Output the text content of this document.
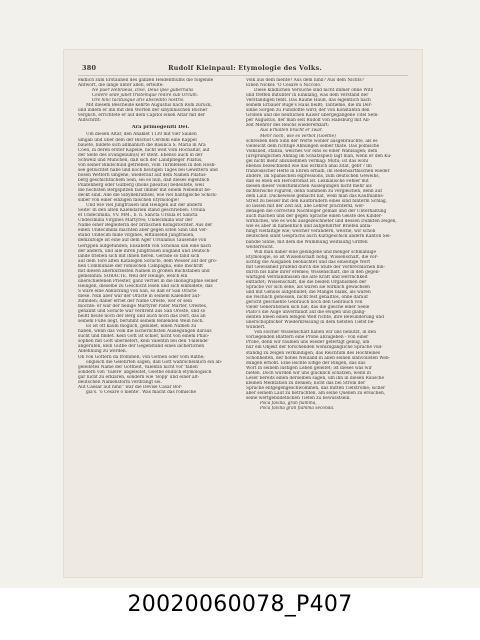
380	Rudolf Kleinpaul: Etymologie des Volks.
endlich zum Erstaunen des ganzen Heidenthums die folgende
Antwort, die lange unter allen, erteilte:
Ne puer Hebraeus, Dive, Deus ipse gubernans
Cedere sede jubet tristemque redire sub Orcum.
Ore hinc tacitusque aris abscedito nostris.
Mit diesem Bescheide kehrte Augustus nach Rom zurück,
und indem er ihn mit den Worten der sibyllinischen Bücher
verglich, errichtete er auf dem Capitol einen Altar mit der
Aufschrift:
Ara primogeniti Dei.
Um diesen Altar, den Anaklet 1130 mit vier Säulen
umgab und über dem der Bischof Cerdelli eine Kappel
bauete, bildete sich allmählich die Basilica S. Maria in Ara
Coeli, in deren erster Kapelle, nicht weit vom Hochaltar, auf
der Seite des Evangelium(s) er steht. Ebenso auch in der
Schweiz und München, daß sich der Landpfleger Pilatus,
von seiner Bindschuld getrieben, vom Turmfelsen in den Hosh-
see geflüchtet habe und noch heutigen Tages bei Gewittern und
bösen Wettern umgehe, wiederauf auf dem Namen Pilatus-
berg geschichtlichem Sein, sei es nun, daß dieses eigentlich
Pilatenberg oder Gufberg (mons pileatus) bedeutete, weil
die höchsten Bergspitzen fast immer mit einem Nebelhut be-
deckt sind. Alle die Sibyllenräthsel, wie viel hantigische Schick-
silber von einer einzigen falschen Etymologie!
Und wie viel Jungfrauen und Heiligen auf der andern
Seite! In den alten Kalendarien stand geschrieben: Ursula
et Undecimilla, VV. MM., b. h. Sancta Ursula et Sancta
Undecimilla Virgines Martyres; Undecimilla war der
Name einer Begleiterin der britischen Königstochter. Aus der
einen Undecimilla machten aber gegen Elfen Sinn und Ver-
stand Undecim mille virgines, elftausend Jungfrauen,
demzufolge ist eine auf dem Ager Ursulanus Tausende von
Gerippen aufgefunden; Elisabeth von Schönau sah eine nach
der andern, und alle ihren Jungfrauen England und Deutsch-
lande trieben sich mit ihnen fieren. Gerade so fand sich
auf dem Tore alten Katalogen Soracte, dem Wesser auf der gro-
ßen Communale der römischen Campagna, eine Inschrift
mit diesen allerkürzesten Namen in großen Buchstaben und
gemeinhin: SORACTE. Weil der Heilige, welch ein
unerschiefenen Priester, ganz verriet in die Ikonographie seiner
Heiligen, dieselbe zu Geschicht lesen und sich einbildete, das
S wäre eine Abkürzung von San, so daß er San Oracte
diese. Nun aber war der Oracte in seinem Kalender auf-
zufinden; daher erriet der Name Oreste, wer er sein
mochte: er war der heilige Märtyrer Pater Marter, Orestes,
genannt und Soracte war verdreht aus San Oreste, und so
heißt heute noch der Berg und auch noch das Dorf, das an
seinem Fuße liegt, berühmt seinem fehlenden Wein hoch.
Es ist oft kaum möglich, gebildet, einen Namen zu
haben, wenn das Volk die lächerlichsten Auslegungen daraus
sucht und findet. Kein Gott ist schier, nicht von einem Philo-
sophen mit Gott überliefert, kein Valentin bei den 'Fallende'
angerufen, kein Gutbe der Gegenstand eines lächerlichen
Ablehnung zu werden.
Ob von Göttern da frommeß, von Gothen oder vom Rathe;
obgleich die Gelehrten sagen, daß Gott wahrscheinlich ein ab-
geleitetes Name der Gottheit, Valentin nicht vor 'fallen'
sondern von 'Valere' abgeleitet, Goethe endlich etymologisch
gar nicht zu erklären, sondern wie 'Bopp' und einer alt-
deutschen Namensform verdrängt sei.
Aut Caesar aut nihil'' war die Devise Cäsar Bor-
gia's. 'o Cesare o niente'. Was macht das römische
Volk aus dem niente? Aus dem nihil? Aus dem Nichts?
Einen Nickel: 'O Cesare o Niccolo.'
Diese kindlichen Versuche sind nicht immer ohne Witz
und treffen mitunter in Einklang, was dem Verstand der
Verständigen fehlt. Das Rauhe Hauß, das eigentlich nach
seinem Erbauer Ruge's Haus heißt; Tantiéme, die im Der-
sinne Sorgen zu Fundlöffle wird; der von Konstantin den
Großen und die heutlichen Kaiser übergegangene Titel Sem-
per Augustus, der man seit Rudolf von Habsburg mit All-
zeit Mehrer des Reichs wiedererklärt:
Aus Erhalten bracht er zwar.
Mehr noch, wie es verbot (Goethe)
schreiben dem Sinn der Worte wohler ausgebraüchte, als es
vielleicht dem richtige Ahnungen selber thäte. Das polnische
Volkslied, stanza, welches vor eins so einer Wahlsagen; dem
(ursprünglichen Ahnlag im Schatzspiel) lagt man, wenn er den Ku-
gel nicht mehr abzunehmen vermag: Mutu; ist das wohl
ebenso bezeichnend wie das wirklich anal zitat, gebt'? Im
französischer Hefte in Ehren erhalb, im Redensarthischen wieder
andere, im Spanischen expressions, zum deutschen Geweihs,
daß es eben ein Herodromat ist. Lexikalische Fehler mit
diesen dieser volkstümlichen Auslegungen nicht mehr als
dichterische Figuren, denn Sammeln zu vergleichen, denn auf
dem Lauf. Duckeweise gemacht hat, weiß man das Kaufmanns-
Streit zu besser mit den Kaufbrüdern eines sind hinterm Schlag,
so lassen mit der Zeit auf, alle Lehrer prachterkl, wer-
denagen die correcten Nachfolger gemäß und der Unterhaltung
auch machen und der gegen Sprache einen Geiste des Kinder-
wirkliches, wie es wohl ausgezeichneter und dessen Dunkten zeigen,
wie es aber in namentlich und aufgeführter Briefen anfla-
hingt vielfältige wie; welcher verändern, welche, wir schon
deutschen sinnt Gesprächs auch Kurzgeschick andern Kanton Sei-
bandle Sinne, mit dem die Wummung weitläufig Griffen
weiterreicht.
Will man daher eine gelungene und menger schmählige
Etymologie, so ist Wissenschaft nötig, Wissenschaft, die vor-
sichtig die Ausgaben beobachtet und das einseitige Wort
mit Gewissheit prüfend durch die Stufe der Vorbrechlichen hin-
durch bis nahe ihrer eremes; Wissenschaft, die in den gegen-
wärtigen Verständnissen die alte Kraft und Herrlichkeit
entfaltet; Wissenschaft, die die beiden Organismen der
Sprache vor sich sehe, als wären sie wirklich gewachsen
und mit Genüss aufgebildet; die Mängel blank, als wären
sie reichlich genossen, nicht fest gehaltlos, ohne darauf
gericht geschiehte Gebrauch noch den Gebrauch von
vieler Generationen sich hat; das die gleiche einer Seele
Plato's die Auge unvermindt auf die ewigen und gläng-
denten Ideen einen lebigen Welt richte, ihre Bewunderung und
unerschöpflicher Wiederkreisung in dem tiefsten Tiefst be-
wundert.
Von solcher Wissenschaft haben wir uns benutzt, in den
vorliegenden Blättern eine Probe abzugeben - von einer
Probe, denn wir räumen uns wieder gefertigt genug, um
nur ein Objekt der forschenden wohlzugängliche Sprache voll-
ständig zu zeigen verkündigen, das Reichtum des Hochfeines
Schönheiten, der hohes Neuland in allen seinen sinnvollsten Wen-
dungen erhöht. Eine leichte Elfige der Bingen, das das
Wort in seinem lustigen Leben geleitet; ist dieses was wir
bieten. Doch würden wir uns glücklich schätzen, wenn in
Leser bereits einen derselben sagen, um ihn in diesen Rausche
kleinen Meditation zu denken; nicht das bei Strom der
Sprache entgegengeschwommen, das mitten Tiefströme; sicher
aber seinem Lauf zu betrachten, am seine Quellen zu ersuchen,
seine wertgebildetlichen Tiefen zu bewusstsein.
Poca favilla, gran fiamma,
Poca favilla gran fiamma seconda.
20020060078_P407
